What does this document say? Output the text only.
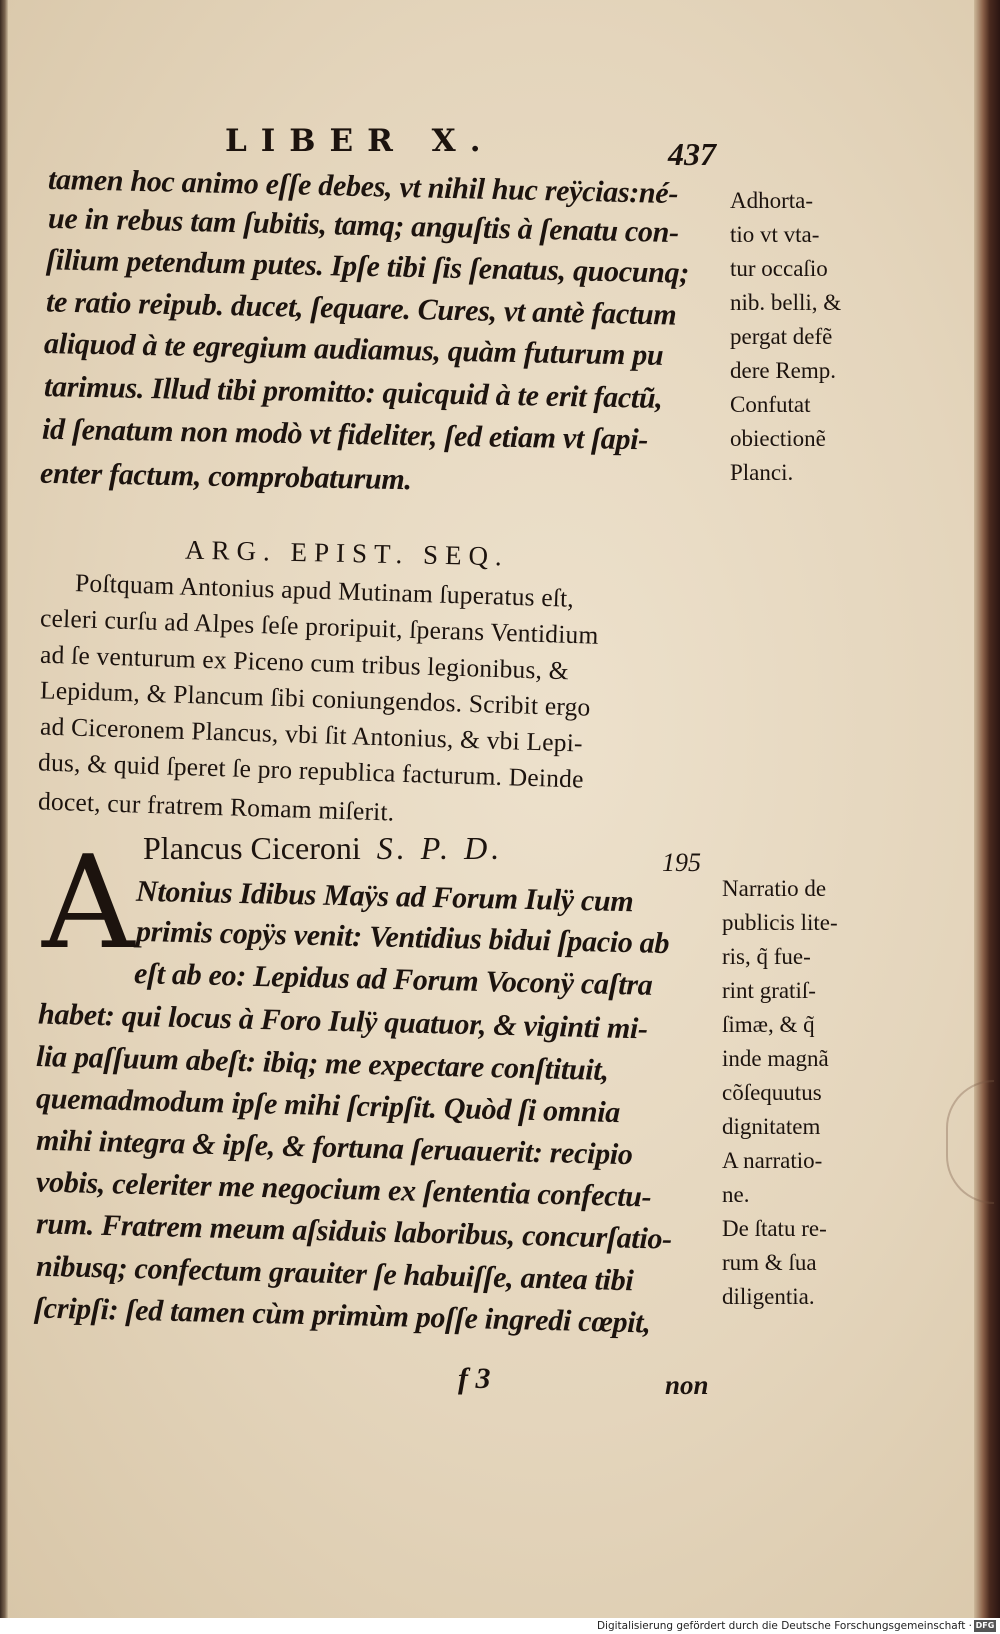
LIBER X.	437
tamen hoc animo eſſe debes, vt nihil huc reÿcias:né-
ue in rebus tam ſubitis, tamq; anguſtis à ſenatu con-
ſilium petendum putes. Ipſe tibi ſis ſenatus, quocunq;
te ratio reipub. ducet, ſequare. Cures, vt antè factum
aliquod à te egregium audiamus, quàm futurum pu
tarimus. Illud tibi promitto: quicquid à te erit factũ,
id ſenatum non modò vt fideliter, ſed etiam vt ſapi-
enter factum, comprobaturum.
Adhorta-
tio vt vta-
tur occaſio
nib. belli, &
pergat defẽ
dere Remp.
Confutat
obiectionẽ
Planci.
ARG. EPIST. SEQ.
Poſtquam Antonius apud Mutinam ſuperatus eſt,
celeri curſu ad Alpes ſeſe proripuit, ſperans Ventidium
ad ſe venturum ex Piceno cum tribus legionibus, &
Lepidum, & Plancum ſibi coniungendos. Scribit ergo
ad Ciceronem Plancus, vbi ſit Antonius, & vbi Lepi-
dus, & quid ſperet ſe pro republica facturum. Deinde
docet, cur fratrem Romam miſerit.
Plancus Ciceroni S. P. D.	195
A Ntonius Idibus Maÿs ad Forum Iulÿ cum
primis copÿs venit: Ventidius bidui ſpacio ab
eſt ab eo: Lepidus ad Forum Voconÿ caſtra
habet: qui locus à Foro Iulÿ quatuor, & viginti mi-
lia paſſuum abeſt: ibiq; me expectare conſtituit,
quemadmodum ipſe mihi ſcripſit. Quòd ſi omnia
mihi integra & ipſe, & fortuna ſeruauerit: recipio
vobis, celeriter me negocium ex ſententia confectu-
rum. Fratrem meum aſsiduis laboribus, concurſatio-
nibusq; confectum grauiter ſe habuiſſe, antea tibi
ſcripſi: ſed tamen cùm primùm poſſe ingredi cœpit,
Narratio de
publicis lite-
ris, q̃ fue-
rint gratiſ-
ſimæ, & q̃
inde magnã
cõſequutus
dignitatem
A narratio-
ne.
De ſtatu re-
rum & ſua
diligentia.
f 3	non
Digitalisierung gefördert durch die Deutsche Forschungsgemeinschaft · DFG
